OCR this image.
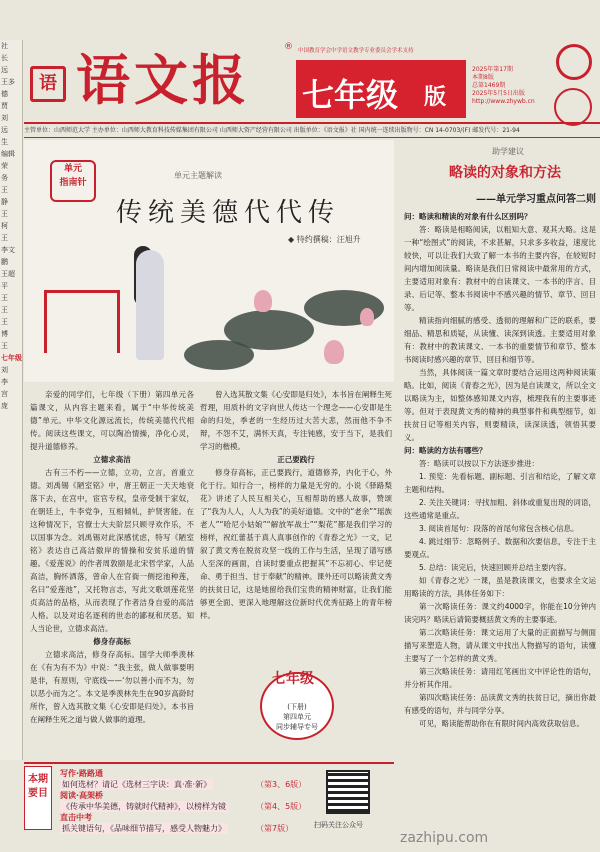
社
长
远
王多
德
贾
刘
远
生
编辑
荣
务
王
静
王
柯
王
李文
鹏
王超
平
王
王
王
博
王
七年级
刘
李
宫
庞
语 语文报
® 中国教育学会中学语文教学专业委员会学术支持
七年级 版
2025年第17期
本期8版
总第1469期
2025年5月5日出版
http://www.zhywb.cn
主管单位：山西师范大学 主办单位：山西师大教育科技传媒集团有限公司 山西师大资产经营有限公司 出版单位：《语文报》社 国内统一连续出版物号：CN 14-0703/(F) 邮发代号：21-94
单元
指南针
单元主题解读
传统美德代代传
◆ 特约撰稿：汪旭升

亲爱的同学们，七年级（下册）第四单元各篇课文，从内容主题来看，属于“中华传统美德”单元。中华文化源远流长，传统美德代代相传。阅读这些课文，可以陶冶情操，净化心灵，提升道德修养。

立德求高洁

古有三不朽——立德，立功，立言，首重立德。刘禹锡《陋室铭》中，唐王朝正一天天地衰落下去，在宫中，宦官专权，皇帝受制于家奴，在朝廷上，牛李党争，互相倾轧，护贤害能。在这种情况下，官僚士大夫阶层只顾寻欢作乐，不以国事为念。刘禹锡对此深感忧虑，特写《陋室铭》表达自己高洁傲岸的情操和安贫乐道的情趣。《爱莲说》的作者周敦颐是北宋哲学家，人品高洁，胸怀洒落，曾命人在官衙一侧挖池种莲，名曰“爱莲池”，又托物言志，写此文歌颂莲花坚贞高洁的品格，从而表现了作者洁身自爱的高洁人格。以及对追名逐利的世态的鄙视和厌恶。知人当论世，立德求高洁。

修身存高标

立德求高洁，修身存高标。国学大师季羡林在《有为有不为》中说：“我主张，做人做事要明是非，有原则，守底线——‘勿以善小而不为，勿以恶小而为之’。本文是季羡林先生在90岁高龄时所作，曾入选其散文集《心安即是归处》。本书旨在阐释生死之道与做人做事的道理。

曾入选其散文集《心安即是归处》，本书旨在阐释生死哲理，用质朴的文字向世人传达一个理念——心安即是生命的归处，季老的一生经历过大苦大悲，然而他不争不辩，不怨不艾，满怀天真，专注钝感，安于当下，是我们学习的楷模。

正己要践行

修身存高标，正己要践行，道德修养，内化于心，外化于行。知行合一，榜样的力量是无穷的。小说《驿路梨花》讲述了人民互相关心，互相帮助的感人故事，赞颂了“我为人人，人人为我”的美好道德。文中的“老余”“瑶族老人”“哈尼小姑娘”“解放军战士”“梨花”都是我们学习的榜样，祝红蕾基于真人真事创作的《青春之光》一文，记叙了黄文秀在脱贫攻坚一线的工作与生活，呈现了谱写感人至深的画面，自读时要重点把握其“不忘初心、牢记使命、勇于担当、甘于奉献”的精神。课外还可以略读黄文秀的扶贫日记，这是她留给我们宝贵的精神财富，让我们能够更全面、更深入地理解这位新时代优秀征路上的青年榜样。

七年级
(下册)
第四单元
同步辅导专号
助学建议
略读的对象和方法
——单元学习重点问答二则

问：略读和精读的对象有什么区别吗？

答：略读是相略阅读，以粗知大意、观其大略。这是一种“绘图式”的阅读，不求甚解，只求多多收益，速度比较快，可以让我们大致了解一本书的主要内容，在较短时间内增加阅读量。略读是我们日常阅读中最常用的方式，主要适用对象有：教材中的自读课文、一本书的序言、目录、后记等、整本书阅读中不感兴趣的情节、章节、回目等。

精读指向细腻的感受、透彻的理解和广泛的联系，要细品、精思和质疑，从读懂、读深到读透。主要适用对象有：教材中的教读课文、一本书的重要情节和章节、整本书阅读时感兴趣的章节、回目和细节等。

当然，具体阅读一篇文章时要结合运用这两种阅读策略。比如，阅读《青春之光》，因为是自读课文，所以全文以略读为主，如整体感知课文内容，梳理我有的主要事迹等。但对于表现黄文秀的精神的典型事件和典型细节，如扶贫日记等相关内容，则要精读，读深读透，领悟其要义。

问：略读的方法有哪些？

答：略读可以按以下方法逐步推进：

1. 预览：先看标题、副标题、引言和结论，了解文章主题和结构。

2. 关注关键词：寻找加粗、斜体或重复出现的词语，这些通常是重点。

3. 阅读首尾句：段落的首尾句常包含核心信息。

4. 跳过细节：忽略例子、数据和次要信息，专注于主要观点。

5. 总结：读完后，快速回顾并总结主要内容。

如《青春之光》一课，虽是教读课文，也要求全文运用略读的方法，具体任务如下：

第一次略读任务：课文约4000字，你能在10分钟内读完吗？略读后请简要概括黄文秀的主要事迹。

第二次略读任务：课文运用了大量的正面描写与侧面描写来塑造人物，请从课文中找出人物描写的语句，读懂主要写了一个怎样的黄文秀。

第三次略读任务：请用红笔画出文中评论性的语句，并分析其作用。

第四次略读任务：品读黄文秀的扶贫日记，摘出你最有感受的语句，并与同学分享。

可见，略读能帮助你在有限时间内高效获取信息。

本期要目
写作·路路通
如何选材？请记《选材三字诀：真·准·新》	（第3、6版）
阅读·高架桥
《传承中华美德，铸就时代精神》，以榜样为镜	（第4、5版）
直击中考
抓关键语句，《品味细节描写，感受人物魅力》	（第7版）	扫码关注公众号
zazhipu.com
